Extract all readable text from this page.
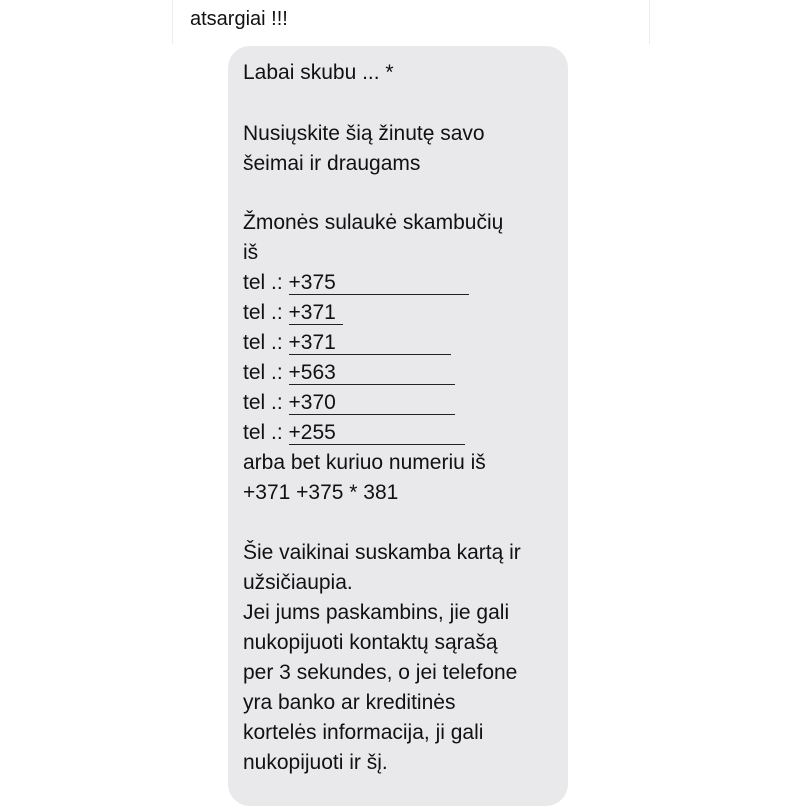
atsargiai !!!
Labai skubu ... *
Nusiųskite šią žinutę savo
šeimai ir draugams
Žmonės sulaukė skambučių
iš
tel .: +375
tel .: +371
tel .: +371
tel .: +563
tel .: +370
tel .: +255
arba bet kuriuo numeriu iš
+371 +375 * 381
Šie vaikinai suskamba kartą ir
užsičiaupia.
Jei jums paskambins, jie gali
nukopijuoti kontaktų sąrašą
per 3 sekundes, o jei telefone
yra banko ar kreditinės
kortelės informacija, ji gali
nukopijuoti ir šį.
